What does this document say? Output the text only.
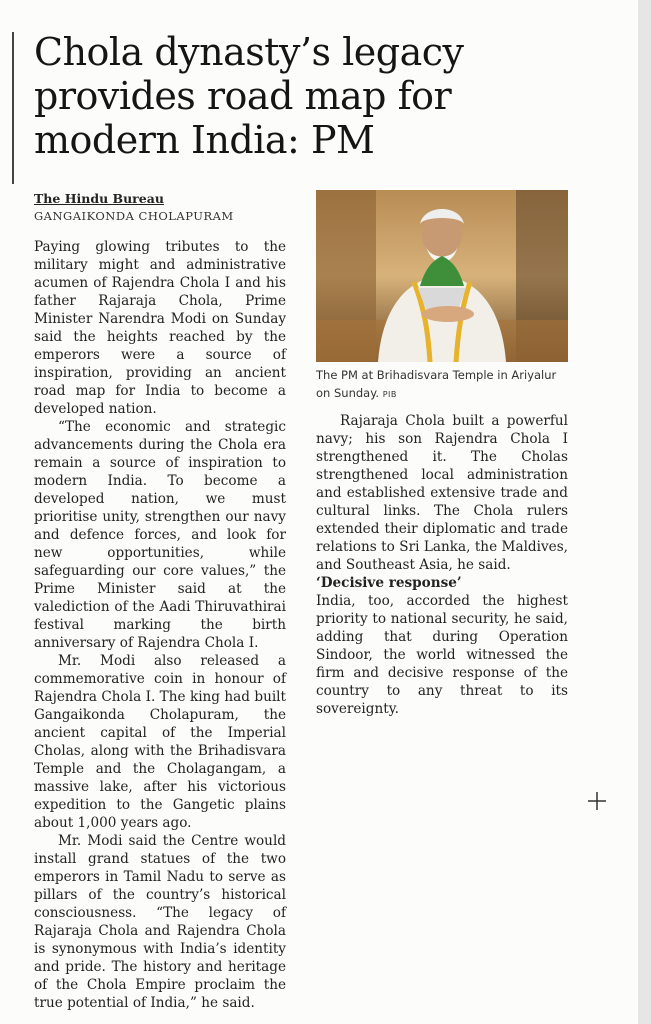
Chola dynasty’s legacy provides road map for modern India: PM
The Hindu Bureau
GANGAIKONDA CHOLAPURAM

Paying glowing tributes to the military might and administrative acumen of Rajendra Chola I and his father Rajaraja Chola, Prime Minister Narendra Modi on Sunday said the heights reached by the emperors were a source of inspiration, providing an ancient road map for India to become a developed nation.

“The economic and strategic advancements during the Chola era remain a source of inspiration to modern India. To become a developed nation, we must prioritise unity, strengthen our navy and defence forces, and look for new opportunities, while safeguarding our core values,” the Prime Minister said at the valediction of the Aadi Thiruvathirai festival marking the birth anniversary of Rajendra Chola I.

Mr. Modi also released a commemorative coin in honour of Rajendra Chola I. The king had built Gangaikonda Cholapuram, the ancient capital of the Imperial Cholas, along with the Brihadisvara Temple and the Cholagangam, a massive lake, after his victorious expedition to the Gangetic plains about 1,000 years ago.

Mr. Modi said the Centre would install grand statues of the two emperors in Tamil Nadu to serve as pillars of the country’s historical consciousness. “The legacy of Rajaraja Chola and Rajendra Chola is synonymous with India’s identity and pride. The history and heritage of the Chola Empire proclaim the true potential of India,” he said.

The PM at Brihadisvara Temple in Ariyalur on Sunday. PIB

Rajaraja Chola built a powerful navy; his son Rajendra Chola I strengthened it. The Cholas strengthened local administration and established extensive trade and cultural links. The Chola rulers extended their diplomatic and trade relations to Sri Lanka, the Maldives, and Southeast Asia, he said.

‘Decisive response’

India, too, accorded the highest priority to national security, he said, adding that during Operation Sindoor, the world witnessed the firm and decisive response of the country to any threat to its sovereignty.
